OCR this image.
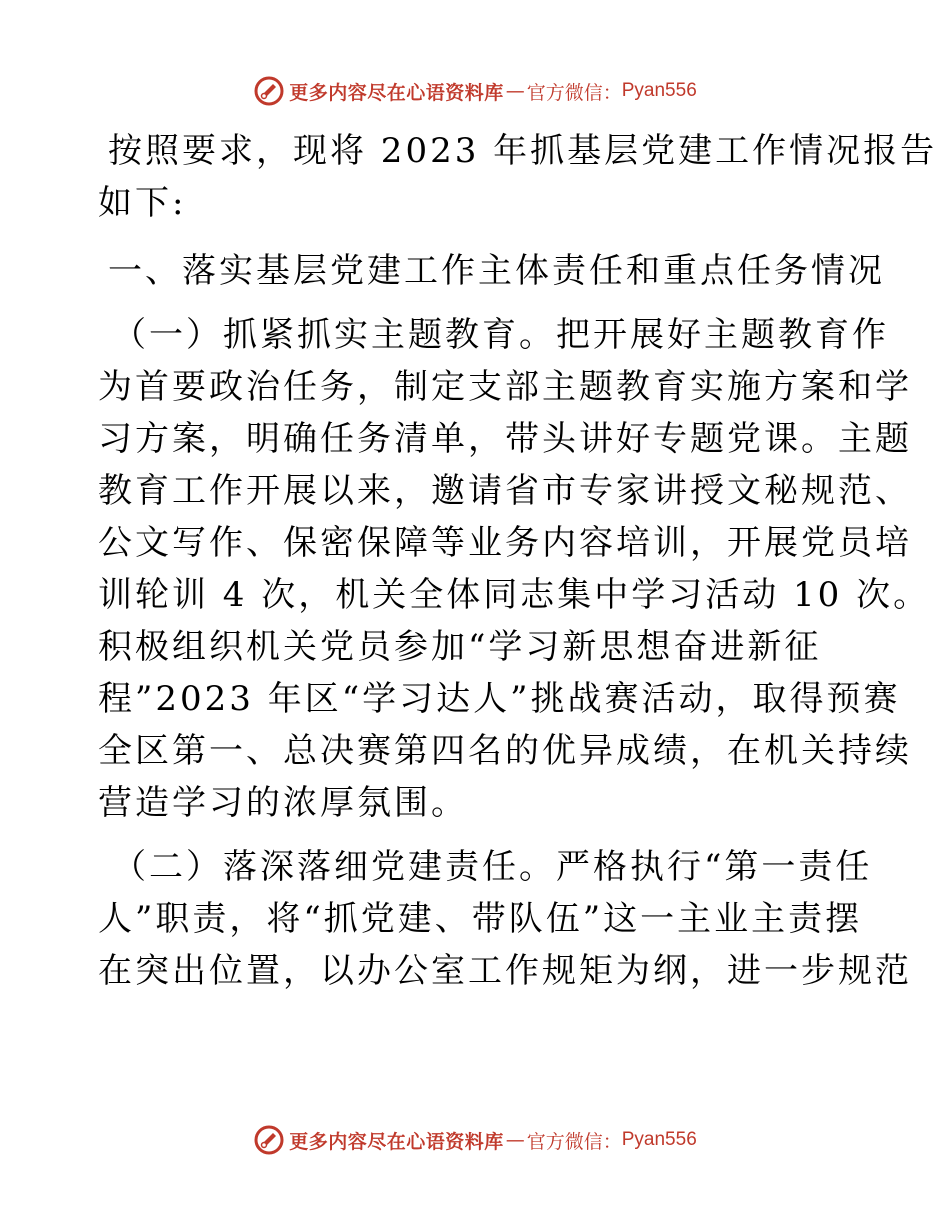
更多内容尽在心语资料库 — 官方微信： Pyan556
按照要求，现将 2023 年抓基层党建工作情况报告
如下:
一、落实基层党建工作主体责任和重点任务情况
（一）抓紧抓实主题教育。把开展好主题教育作
为首要政治任务，制定支部主题教育实施方案和学
习方案，明确任务清单，带头讲好专题党课。主题
教育工作开展以来，邀请省市专家讲授文秘规范、
公文写作、保密保障等业务内容培训，开展党员培
训轮训 4 次，机关全体同志集中学习活动 10 次。
积极组织机关党员参加“学习新思想奋进新征
程”2023 年区“学习达人”挑战赛活动，取得预赛
全区第一、总决赛第四名的优异成绩，在机关持续
营造学习的浓厚氛围。
（二）落深落细党建责任。严格执行“第一责任
人”职责，将“抓党建、带队伍”这一主业主责摆
在突出位置，以办公室工作规矩为纲，进一步规范
更多内容尽在心语资料库 — 官方微信： Pyan556
